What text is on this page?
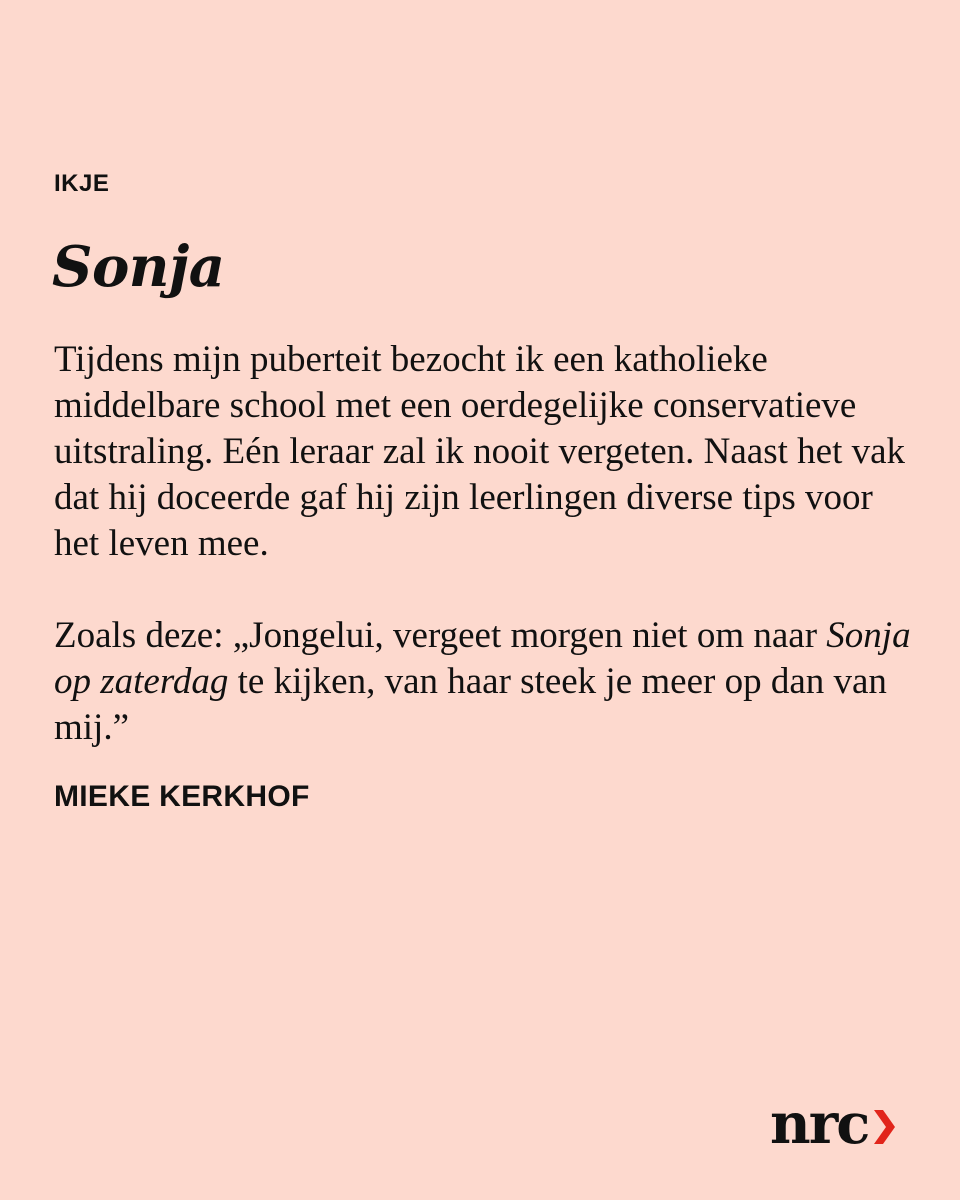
IKJE
Sonja

Tijdens mijn puberteit bezocht ik een katholieke middelbare school met een oerdegelijke conservatieve uitstraling. Eén leraar zal ik nooit vergeten. Naast het vak dat hij doceerde gaf hij zijn leerlingen diverse tips voor het leven mee.

Zoals deze: „Jongelui, vergeet morgen niet om naar Sonja op zaterdag te kijken, van haar steek je meer op dan van mij.”

MIEKE KERKHOF
nrc
